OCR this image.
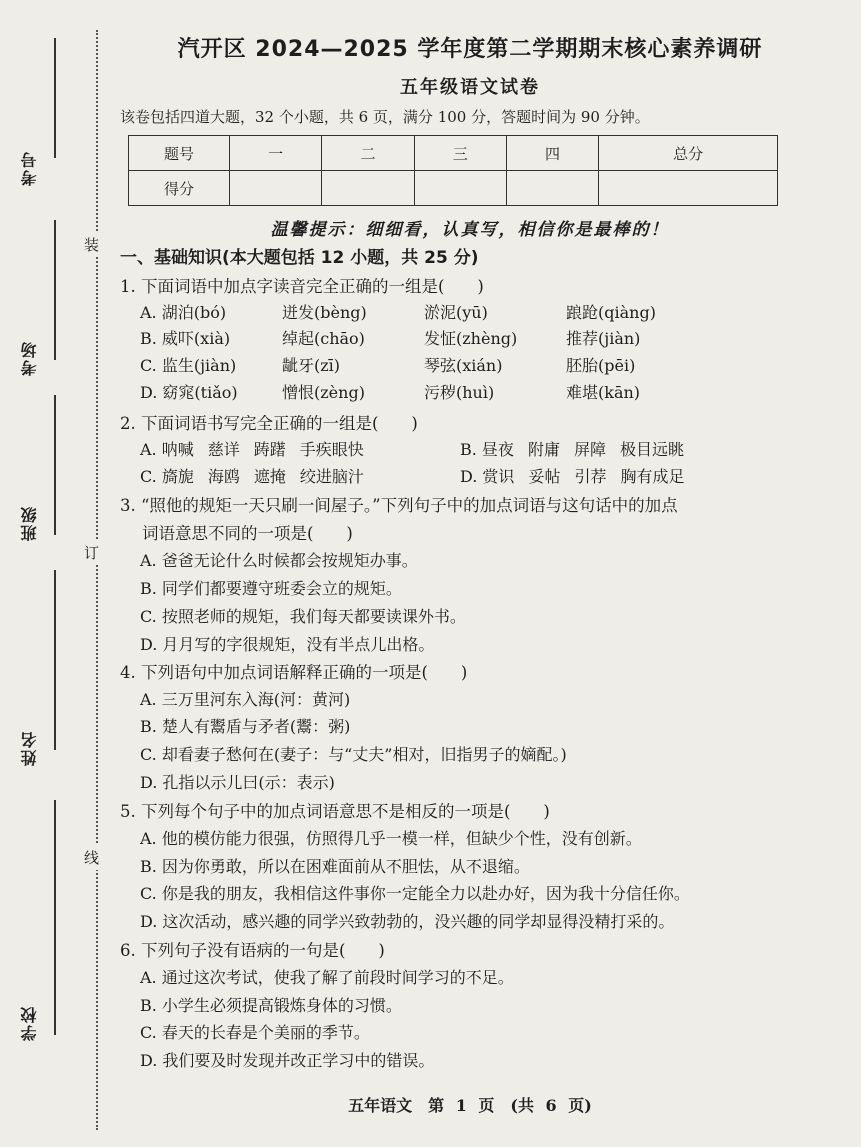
考号
考场
班级
姓名
学校
装
订
线
汽开区 2024—2025 学年度第二学期期末核心素养调研
五年级语文试卷
该卷包括四道大题，32 个小题，共 6 页，满分 100 分，答题时间为 90 分钟。
题号	一	二	三	四	总分
得分					
温馨提示：细细看，认真写，相信你是最棒的！
一、基础知识(本大题包括 12 小题，共 25 分)
1. 下面词语中加点字读音完全正确的一组是(　　)
A. 湖泊(bó)	迸发(bèng)	淤泥(yū)	踉跄(qiàng)
B. 威吓(xià)	绰起(chāo)	发怔(zhèng)	推荐(jiàn)
C. 监生(jiàn)	龇牙(zī)	琴弦(xián)	胚胎(pēi)
D. 窈窕(tiǎo)	憎恨(zèng)	污秽(huì)	难堪(kān)
2. 下面词语书写完全正确的一组是(　　)
A. 呐喊 慈详 踌躇 手疾眼快	B. 昼夜 附庸 屏障 极目远眺
C. 旖旎 海鸥 遮掩 绞进脑汁	D. 赏识 妥帖 引荐 胸有成足
3. “照他的规矩一天只刷一间屋子。”下列句子中的加点词语与这句话中的加点
词语意思不同的一项是(　　)
A. 爸爸无论什么时候都会按规矩办事。
B. 同学们都要遵守班委会立的规矩。
C. 按照老师的规矩，我们每天都要读课外书。
D. 月月写的字很规矩，没有半点儿出格。
4. 下列语句中加点词语解释正确的一项是(　　)
A. 三万里河东入海(河：黄河)
B. 楚人有鬻盾与矛者(鬻：粥)
C. 却看妻子愁何在(妻子：与“丈夫”相对，旧指男子的嫡配。)
D. 孔指以示儿曰(示：表示)
5. 下列每个句子中的加点词语意思不是相反的一项是(　　)
A. 他的模仿能力很强，仿照得几乎一模一样，但缺少个性，没有创新。
B. 因为你勇敢，所以在困难面前从不胆怯，从不退缩。
C. 你是我的朋友，我相信这件事你一定能全力以赴办好，因为我十分信任你。
D. 这次活动，感兴趣的同学兴致勃勃的，没兴趣的同学却显得没精打采的。
6. 下列句子没有语病的一句是(　　)
A. 通过这次考试，使我了解了前段时间学习的不足。
B. 小学生必须提高锻炼身体的习惯。
C. 春天的长春是个美丽的季节。
D. 我们要及时发现并改正学习中的错误。
五年语文　第 1 页　(共 6 页)
